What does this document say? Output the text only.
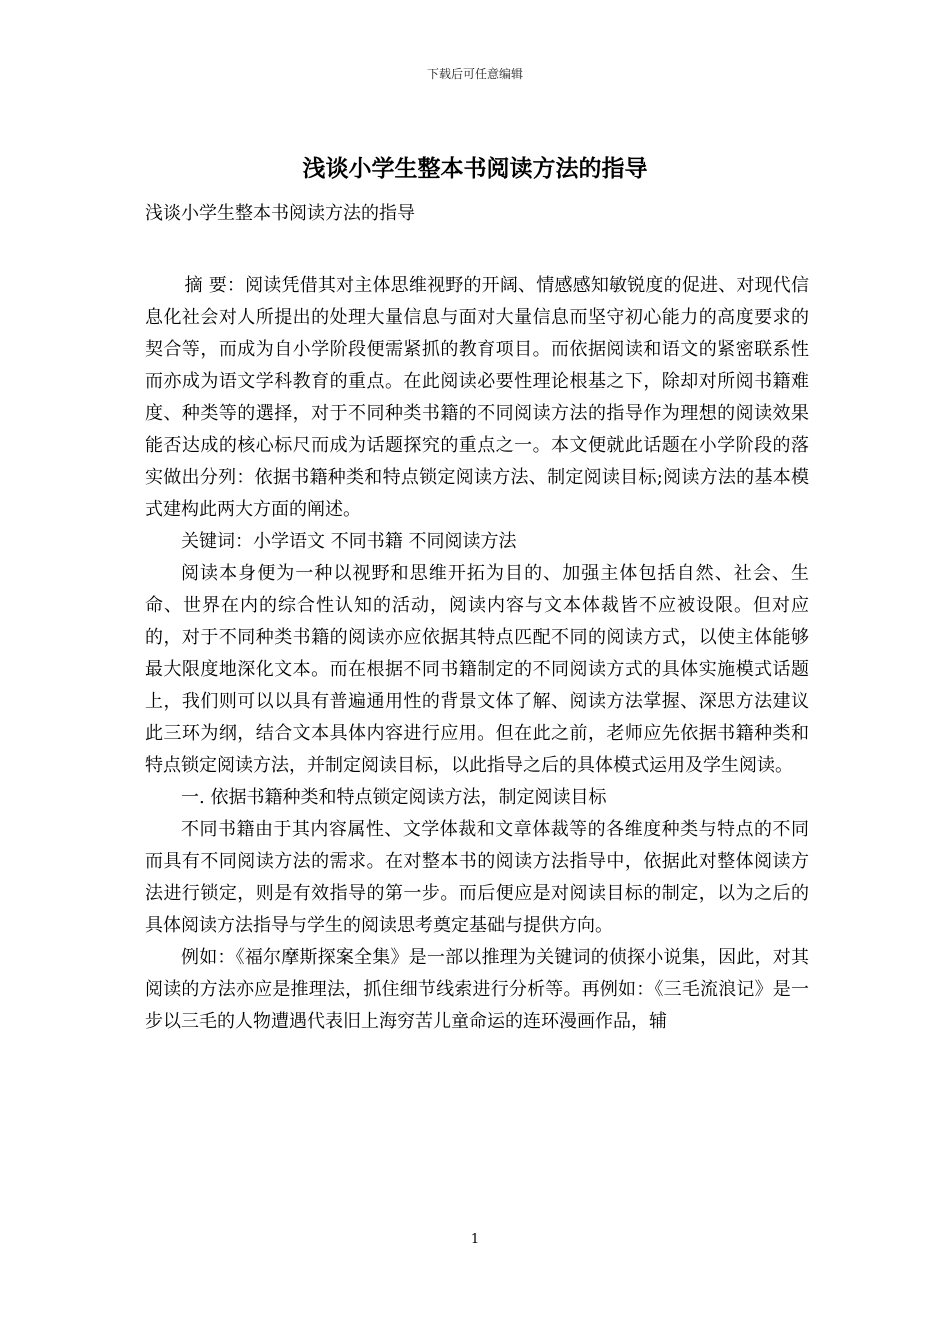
下载后可任意编辑
浅谈小学生整本书阅读方法的指导
浅谈小学生整本书阅读方法的指导

摘 要：阅读凭借其对主体思维视野的开阔、情感感知敏锐度的促进、对现代信息化社会对人所提出的处理大量信息与面对大量信息而坚守初心能力的高度要求的契合等，而成为自小学阶段便需紧抓的教育项目。而依据阅读和语文的紧密联系性而亦成为语文学科教育的重点。在此阅读必要性理论根基之下，除却对所阅书籍难度、种类等的選择，对于不同种类书籍的不同阅读方法的指导作为理想的阅读效果能否达成的核心标尺而成为话题探究的重点之一。本文便就此话题在小学阶段的落实做出分列：依据书籍种类和特点锁定阅读方法、制定阅读目标;阅读方法的基本模式建构此两大方面的阐述。

关键词：小学语文 不同书籍 不同阅读方法

阅读本身便为一种以视野和思维开拓为目的、加强主体包括自然、社会、生命、世界在内的综合性认知的活动，阅读内容与文本体裁皆不应被设限。但对应的，对于不同种类书籍的阅读亦应依据其特点匹配不同的阅读方式，以使主体能够最大限度地深化文本。而在根据不同书籍制定的不同阅读方式的具体实施模式话题上，我们则可以以具有普遍通用性的背景文体了解、阅读方法掌握、深思方法建议此三环为纲，结合文本具体内容进行应用。但在此之前，老师应先依据书籍种类和特点锁定阅读方法，并制定阅读目标，以此指导之后的具体模式运用及学生阅读。

一. 依据书籍种类和特点锁定阅读方法，制定阅读目标

不同书籍由于其内容属性、文学体裁和文章体裁等的各维度种类与特点的不同而具有不同阅读方法的需求。在对整本书的阅读方法指导中，依据此对整体阅读方法进行锁定，则是有效指导的第一步。而后便应是对阅读目标的制定，以为之后的具体阅读方法指导与学生的阅读思考奠定基础与提供方向。

例如：《福尔摩斯探案全集》是一部以推理为关键词的侦探小说集，因此，对其阅读的方法亦应是推理法，抓住细节线索进行分析等。再例如：《三毛流浪记》是一步以三毛的人物遭遇代表旧上海穷苦儿童命运的连环漫画作品，辅

1
